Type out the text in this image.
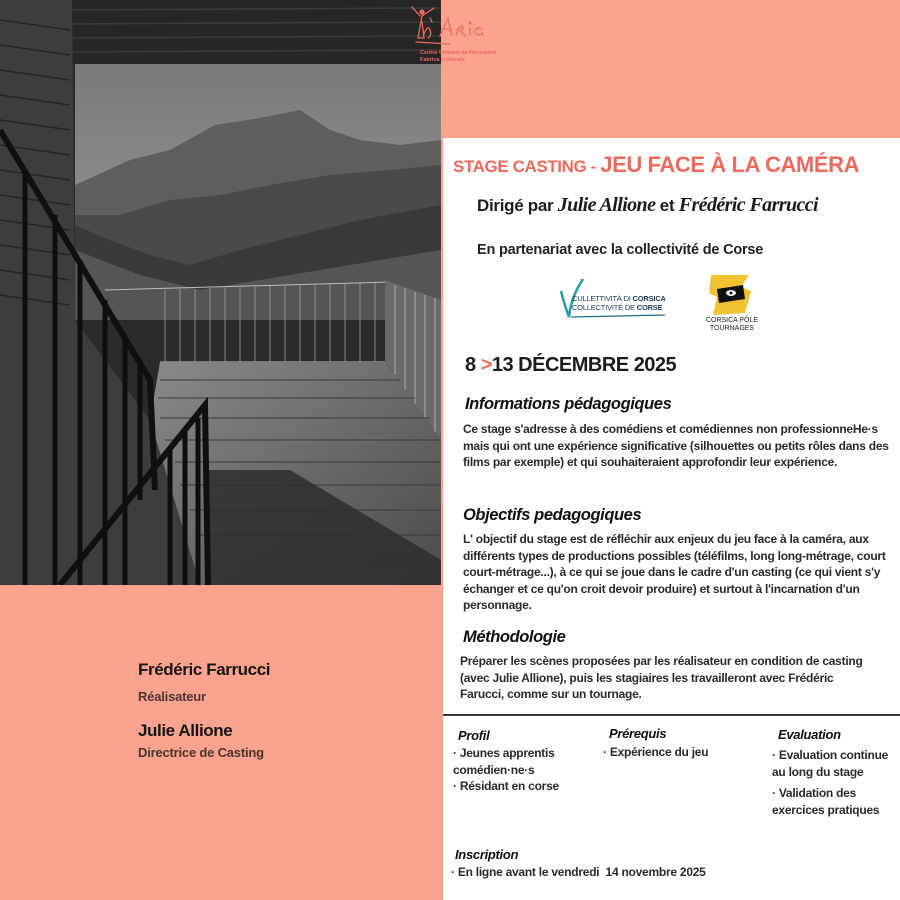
Centre Culturel de Rencontre
Fabrica Culturale
STAGE CASTING - JEU FACE À LA CAMÉRA
Dirigé par Julie Allione et Frédéric Farrucci
En partenariat avec la collectivité de Corse
CULLETTIVITÀ DI CORSICA
COLLECTIVITÉ DE CORSE
CORSICA PÔLE
TOURNAGES
8 >13 DÉCEMBRE 2025
Informations pédagogiques
Ce stage s'adresse à des comédiens et comédiennes non professionneHe·s mais qui ont une expérience significative (silhouettes ou petits rôles dans des films par exemple) et qui souhaiteraient approfondir leur expérience.
Objectifs pedagogiques
L' objectif du stage est de réfléchir aux enjeux du jeu face à la caméra, aux différents types de productions possibles (téléfilms, long long-métrage, court court-métrage...), à ce qui se joue dans le cadre d'un casting (ce qui vient s'y échanger et ce qu'on croit devoir produire) et surtout à l'incarnation d'un personnage.
Méthodologie
Préparer les scènes proposées par les réalisateur en condition de casting (avec Julie Allione), puis les stagiaires les travailleront avec Frédéric Farucci, comme sur un tournage.
Profil
· Jeunes apprentis comédien·ne·s
· Résidant en corse
Prérequis
· Expérience du jeu
Evaluation
· Evaluation continue au long du stage
· Validation des exercices pratiques
Inscription
· En ligne avant le vendredi  14 novembre 2025
Frédéric Farrucci
Réalisateur
Julie Allione
Directrice de Casting
